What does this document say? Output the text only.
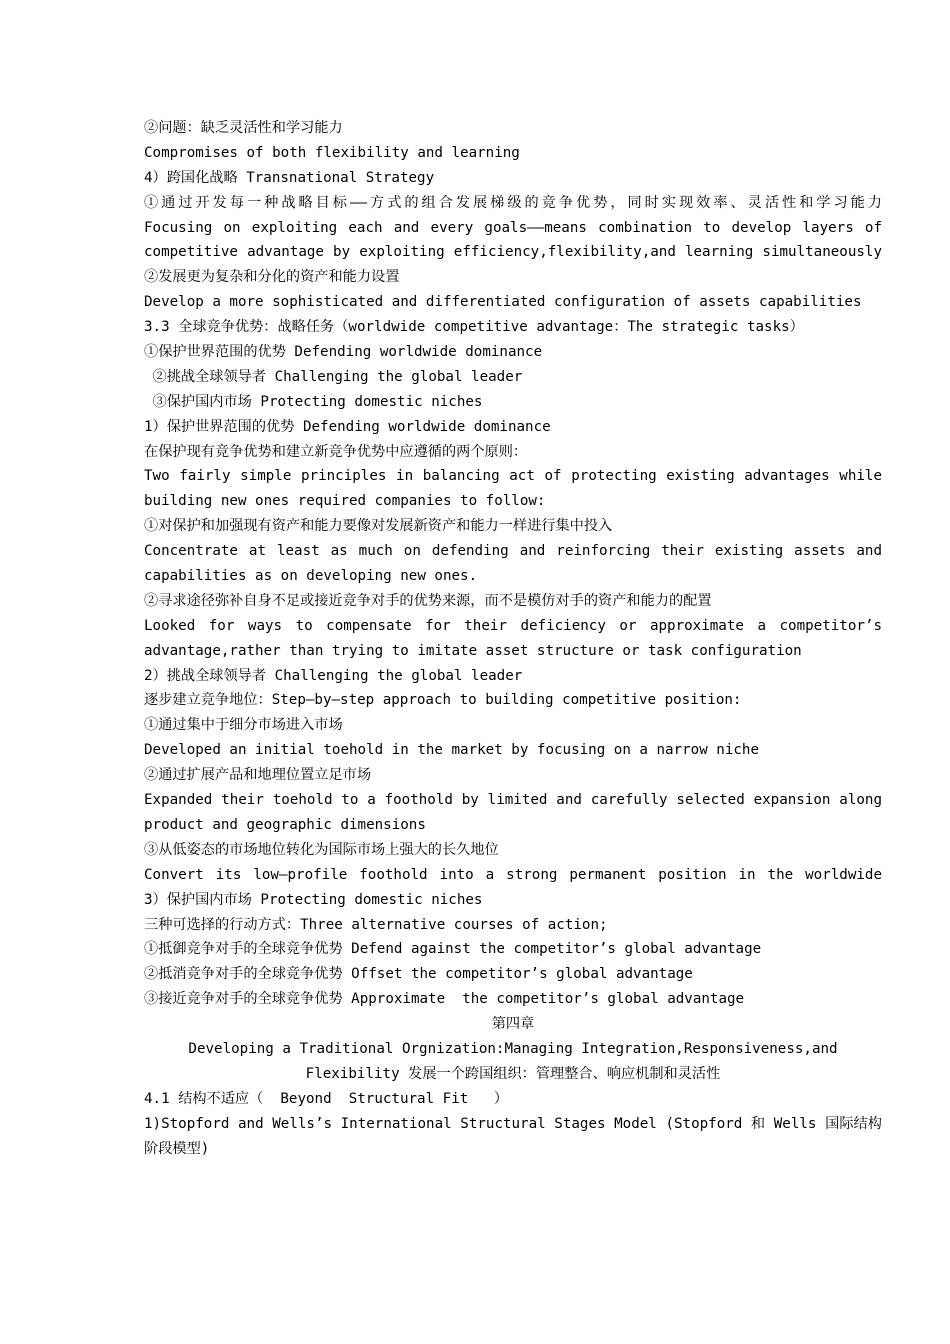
②问题：缺乏灵活性和学习能力
Compromises of both flexibility and learning
4）跨国化战略 Transnational Strategy
①通过开发每一种战略目标——方式的组合发展梯级的竞争优势，同时实现效率、灵活性和学习能力
Focusing on exploiting each and every goals——means combination to develop layers of
competitive advantage by exploiting efficiency,flexibility,and learning simultaneously
②发展更为复杂和分化的资产和能力设置
Develop a more sophisticated and differentiated configuration of assets capabilities
3.3 全球竞争优势：战略任务（worldwide competitive advantage：The strategic tasks）
①保护世界范围的优势 Defending worldwide dominance
②挑战全球领导者 Challenging the global leader
③保护国内市场 Protecting domestic niches
1）保护世界范围的优势 Defending worldwide dominance
在保护现有竞争优势和建立新竞争优势中应遵循的两个原则：
Two fairly simple principles in balancing act of protecting existing advantages while
building new ones required companies to follow:
①对保护和加强现有资产和能力要像对发展新资产和能力一样进行集中投入
Concentrate at least as much on defending and reinforcing their existing assets and
capabilities as on developing new ones.
②寻求途径弥补自身不足或接近竞争对手的优势来源，而不是模仿对手的资产和能力的配置
Looked for ways to compensate for their deficiency or approximate a competitor’s
advantage,rather than trying to imitate asset structure or task configuration
2）挑战全球领导者 Challenging the global leader
逐步建立竞争地位：Step—by—step approach to building competitive position:
①通过集中于细分市场进入市场
Developed an initial toehold in the market by focusing on a narrow niche
②通过扩展产品和地理位置立足市场
Expanded their toehold to a foothold by limited and carefully selected expansion along
product and geographic dimensions
③从低姿态的市场地位转化为国际市场上强大的长久地位
Convert its low—profile foothold into a strong permanent position in the worldwide
3）保护国内市场 Protecting domestic niches
三种可选择的行动方式：Three alternative courses of action;
①抵御竞争对手的全球竞争优势 Defend against the competitor’s global advantage
②抵消竞争对手的全球竞争优势 Offset the competitor’s global advantage
③接近竞争对手的全球竞争优势 Approximate  the competitor’s global advantage
第四章
Developing a Traditional Orgnization:Managing Integration,Responsiveness,and
Flexibility 发展一个跨国组织：管理整合、响应机制和灵活性
4.1 结构不适应（  Beyond  Structural Fit   ）
1)Stopford and Wells’s International Structural Stages Model (Stopford 和 Wells 国际结构
阶段模型)
